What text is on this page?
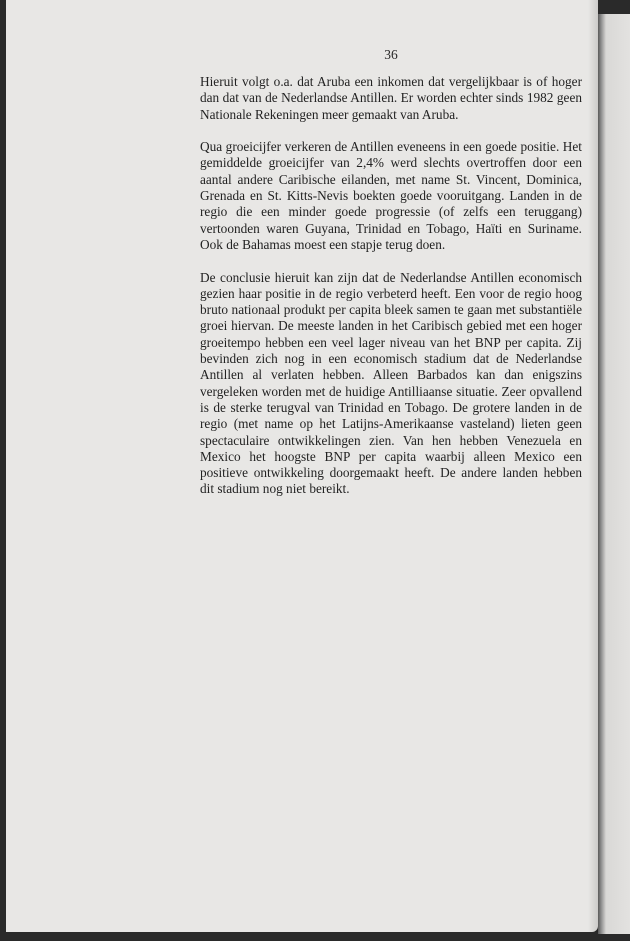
36

Hieruit volgt o.a. dat Aruba een inkomen dat vergelijkbaar is of hoger dan dat van de Nederlandse Antillen. Er worden echter sinds 1982 geen Nationale Rekeningen meer gemaakt van Aruba.

Qua groeicijfer verkeren de Antillen eveneens in een goede positie. Het gemiddelde groeicijfer van 2,4% werd slechts overtroffen door een aantal andere Caribische eilanden, met name St. Vincent, Dominica, Grenada en St. Kitts-Nevis boekten goede vooruitgang. Landen in de regio die een minder goede progressie (of zelfs een teruggang) vertoonden waren Guyana, Trinidad en Tobago, Haïti en Suriname. Ook de Bahamas moest een stapje terug doen.

De conclusie hieruit kan zijn dat de Nederlandse Antillen economisch gezien haar positie in de regio verbeterd heeft. Een voor de regio hoog bruto nationaal produkt per capita bleek samen te gaan met substantiële groei hiervan. De meeste landen in het Caribisch gebied met een hoger groeitempo hebben een veel lager niveau van het BNP per capita. Zij bevinden zich nog in een economisch stadium dat de Nederlandse Antillen al verlaten hebben. Alleen Barbados kan dan enigszins vergeleken worden met de huidige Antilliaanse situatie. Zeer opvallend is de sterke terugval van Trinidad en Tobago. De grotere landen in de regio (met name op het Latijns-Amerikaanse vasteland) lieten geen spectaculaire ontwikkelingen zien. Van hen hebben Venezuela en Mexico het hoogste BNP per capita waarbij alleen Mexico een positieve ontwikkeling doorgemaakt heeft. De andere landen hebben dit stadium nog niet bereikt.
